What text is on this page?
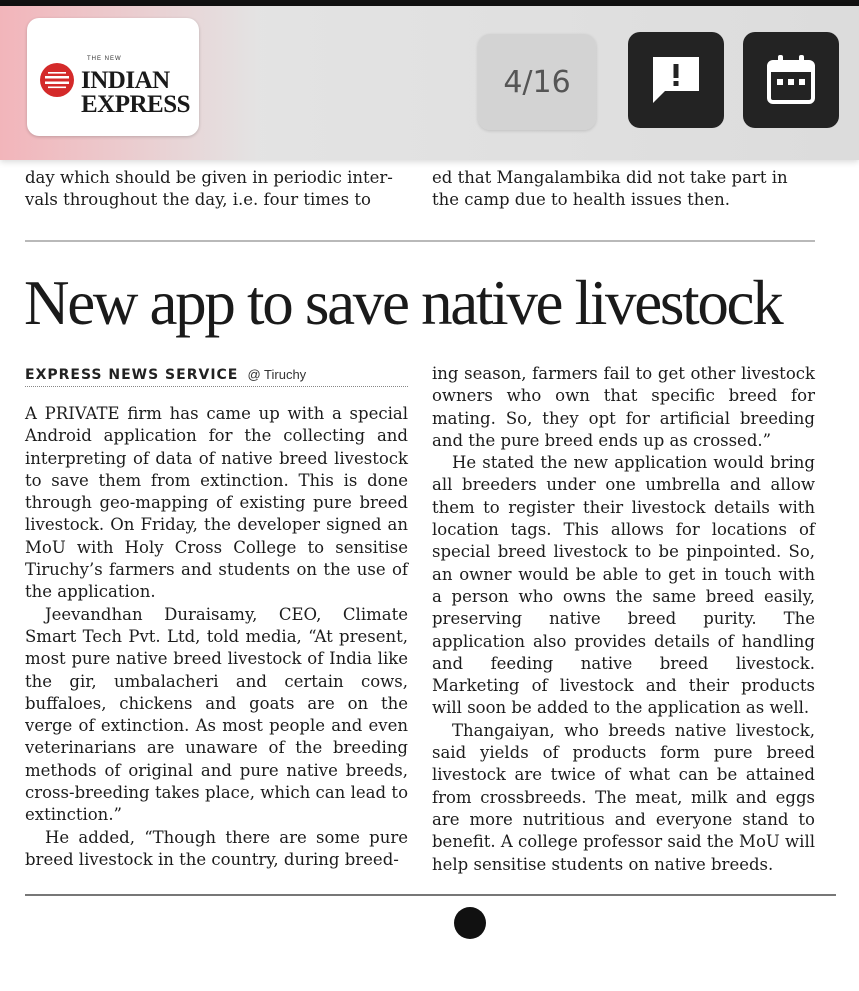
THE NEW
INDIAN
EXPRESS
4/16

day which should be given in periodic inter-

vals throughout the day, i.e. four times to

ed that Mangalambika did not take part in

the camp due to health issues then.

New app to save native livestock
EXPRESS NEWS SERVICE @ Tiruchy

A PRIVATE firm has came up with a special Android application for the collecting and interpreting of data of native breed livestock to save them from extinction. This is done through geo-mapping of existing pure breed livestock. On Friday, the developer signed an MoU with Holy Cross College to sensitise Tiruchy’s farmers and students on the use of the application.

Jeevandhan Duraisamy, CEO, Climate Smart Tech Pvt. Ltd, told media, “At present, most pure native breed livestock of India like the gir, umbalacheri and certain cows, buffaloes, chickens and goats are on the verge of extinction. As most people and even veterinarians are unaware of the breeding methods of original and pure native breeds, cross-breeding takes place, which can lead to extinction.”

He added, “Though there are some pure breed livestock in the country, during breed-

ing season, farmers fail to get other livestock owners who own that specific breed for mating. So, they opt for artificial breeding and the pure breed ends up as crossed.”

He stated the new application would bring all breeders under one umbrella and allow them to register their livestock details with location tags. This allows for locations of special breed livestock to be pinpointed. So, an owner would be able to get in touch with a person who owns the same breed easily, preserving native breed purity. The application also provides details of handling and feeding native breed livestock. Marketing of livestock and their products will soon be added to the application as well.

Thangaiyan, who breeds native livestock, said yields of products form pure breed livestock are twice of what can be attained from crossbreeds. The meat, milk and eggs are more nutritious and everyone stand to benefit. A college professor said the MoU will help sensitise students on native breeds.
